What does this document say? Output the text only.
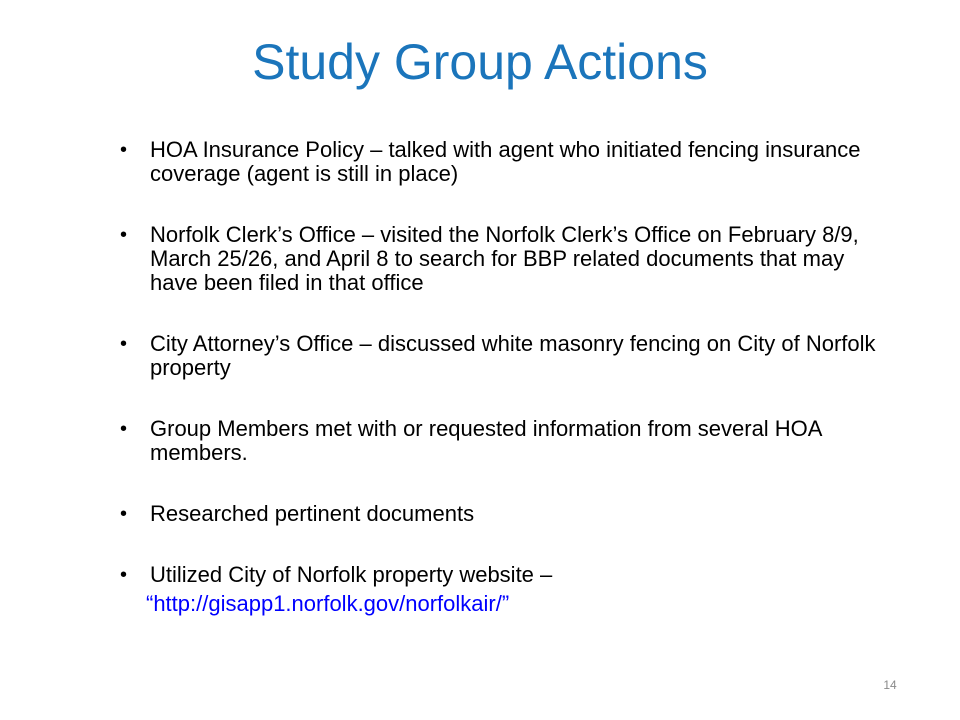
Study Group Actions
• HOA Insurance Policy – talked with agent who initiated fencing insurance coverage (agent is still in place)
• Norfolk Clerk’s Office – visited the Norfolk Clerk’s Office on February 8/9, March 25/26, and April 8 to search for BBP related documents that may have been filed in that office
• City Attorney’s Office – discussed white masonry fencing on City of Norfolk property
• Group Members met with or requested information from several HOA members.
• Researched pertinent documents
• Utilized City of Norfolk property website –
“http://gisapp1.norfolk.gov/norfolkair/”
14
